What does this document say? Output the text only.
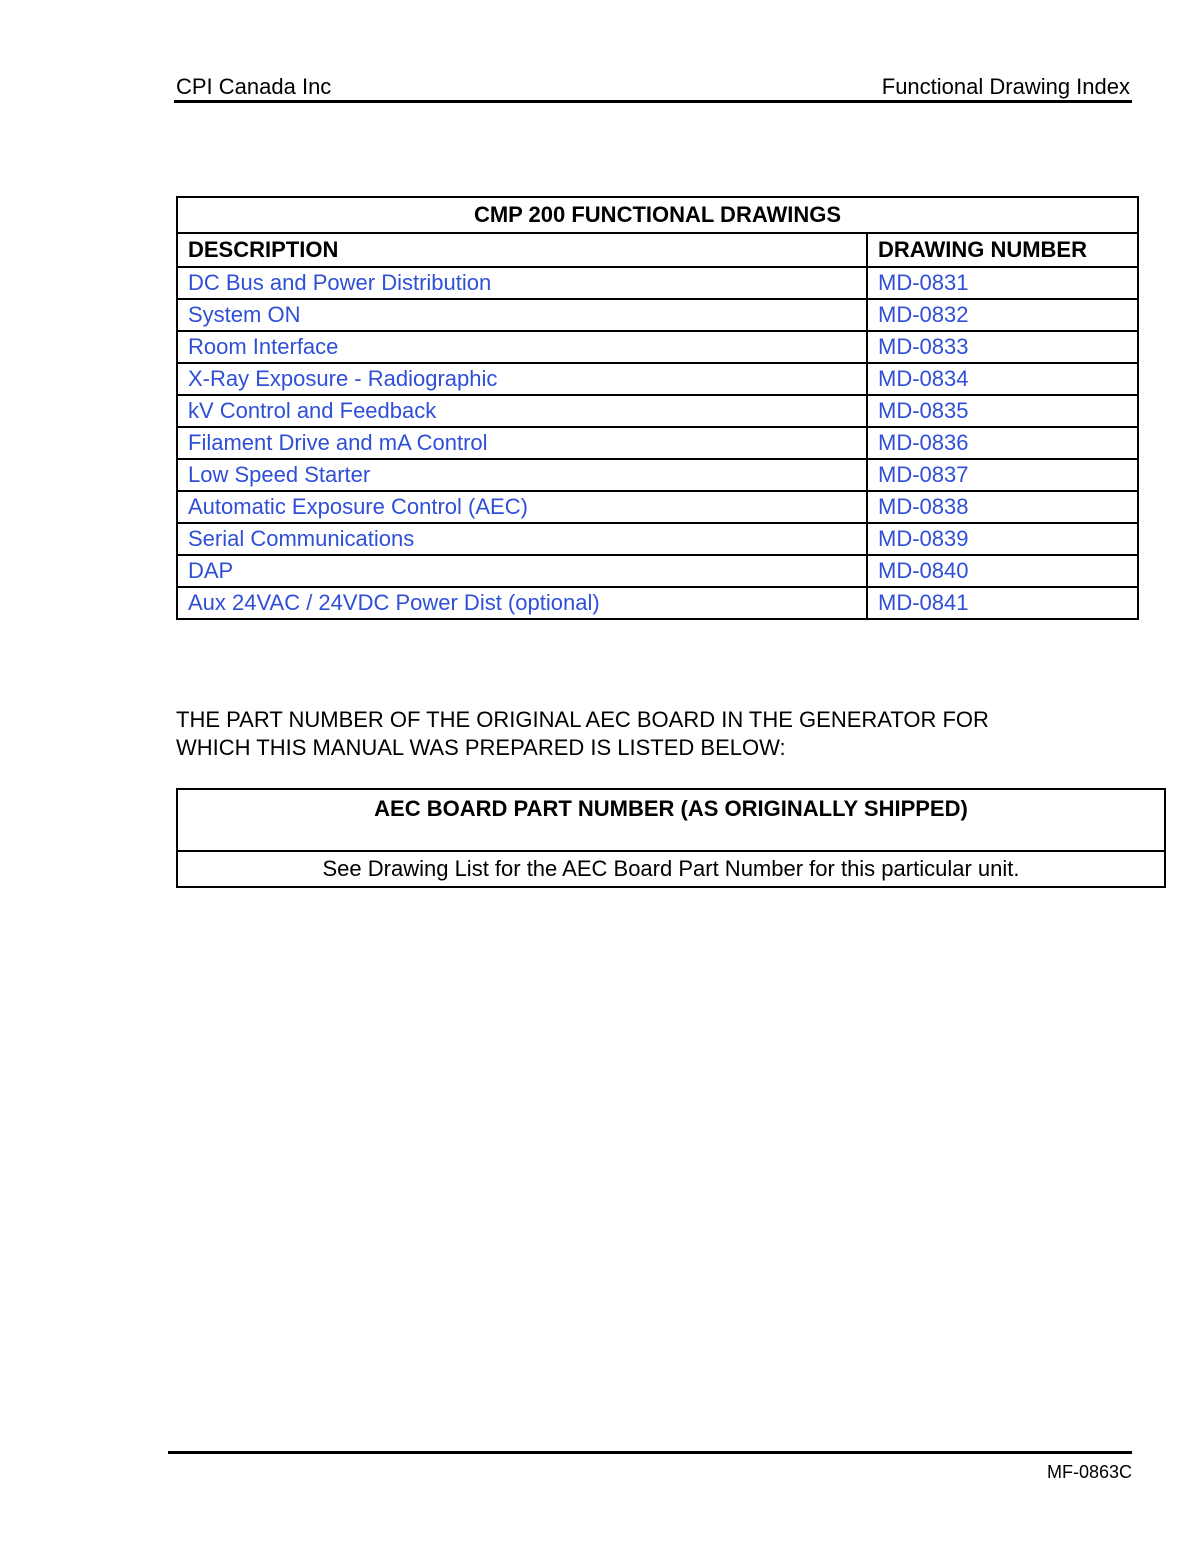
CPI Canada Inc	Functional Drawing Index
CMP 200 FUNCTIONAL DRAWINGS	
DESCRIPTION	DRAWING NUMBER
DC Bus and Power Distribution	MD-0831
System ON	MD-0832
Room Interface	MD-0833
X-Ray Exposure - Radiographic	MD-0834
kV Control and Feedback	MD-0835
Filament Drive and mA Control	MD-0836
Low Speed Starter	MD-0837
Automatic Exposure Control (AEC)	MD-0838
Serial Communications	MD-0839
DAP	MD-0840
Aux 24VAC / 24VDC Power Dist (optional)	MD-0841
THE PART NUMBER OF THE ORIGINAL AEC BOARD IN THE GENERATOR FOR
WHICH THIS MANUAL WAS PREPARED IS LISTED BELOW:
AEC BOARD PART NUMBER (AS ORIGINALLY SHIPPED)
See Drawing List for the AEC Board Part Number for this particular unit.
MF-0863C
